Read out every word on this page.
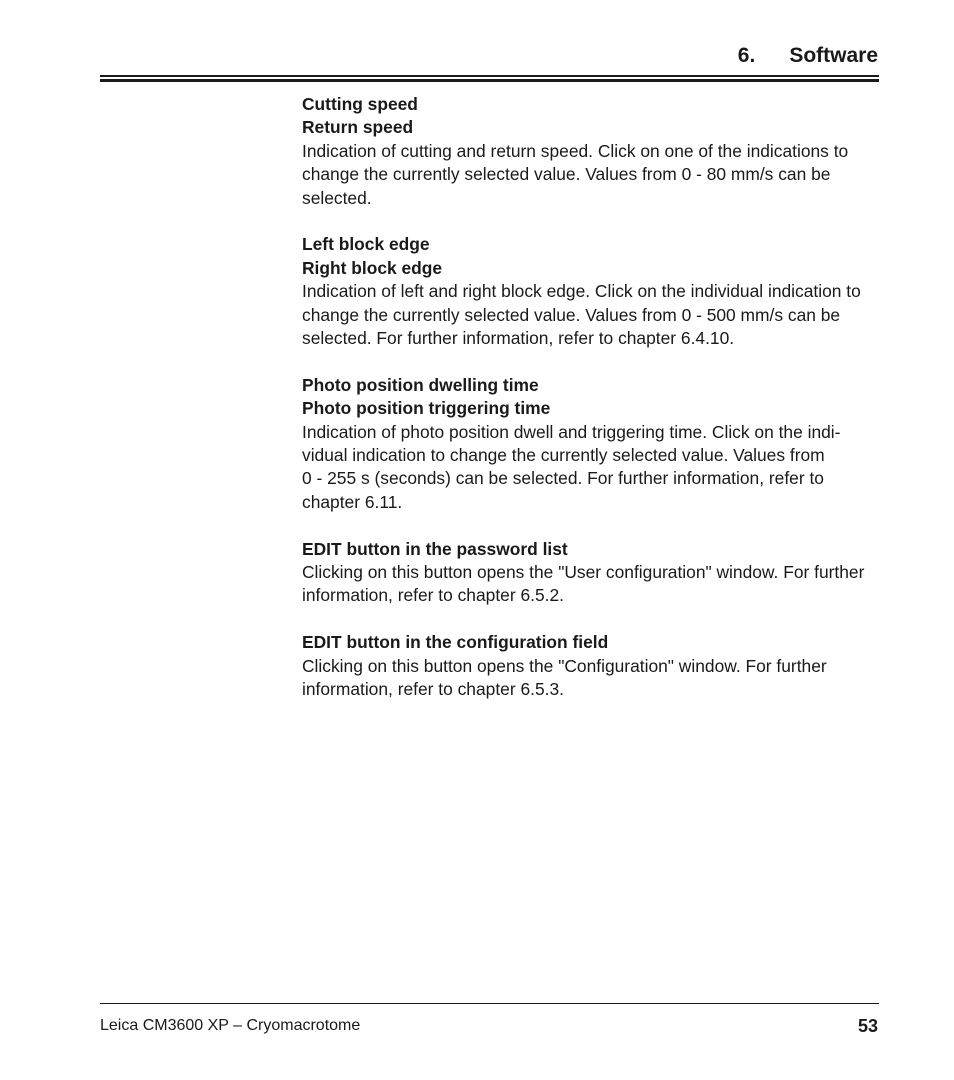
6. Software
Cutting speed
Return speed
Indication of cutting and return speed. Click on one of the indications to
change the currently selected value. Values from 0 - 80 mm/s can be
selected.
Left block edge
Right block edge
Indication of left and right block edge. Click on the individual indication to
change the currently selected value. Values from 0 - 500 mm/s can be
selected. For further information, refer to chapter 6.4.10.
Photo position dwelling time
Photo position triggering time
Indication of photo position dwell and triggering time. Click on the indi-
vidual indication to change the currently selected value. Values from
0 - 255 s (seconds) can be selected. For further information, refer to
chapter 6.11.
EDIT button in the password list
Clicking on this button opens the "User configuration" window. For further
information, refer to chapter 6.5.2.
EDIT button in the configuration field
Clicking on this button opens the "Configuration" window. For further
information, refer to chapter 6.5.3.
Leica CM3600 XP – Cryomacrotome	53
